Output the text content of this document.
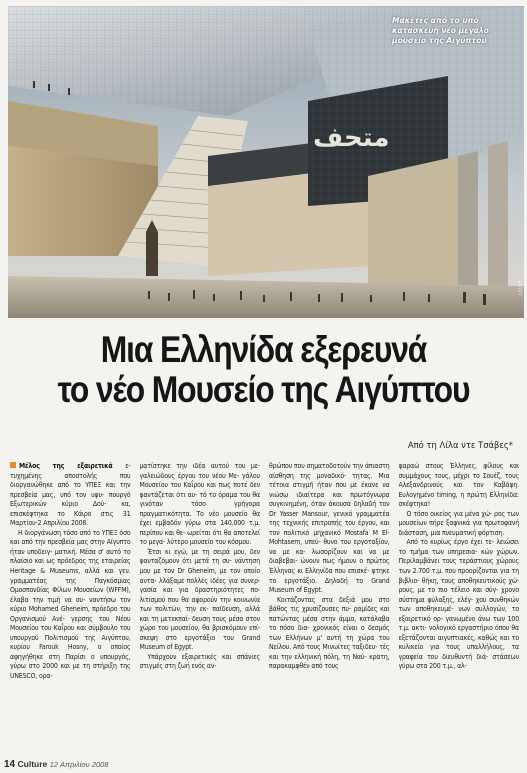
ﻣﺘﺤﻒ
Μακέτες από το υπό κατασκευή νέο μεγάλο μουσείο της Αιγύπτου
EGYPT
Μια Ελληνίδα εξερευνά
το νέο Μουσείο της Αιγύπτου
Από τη Λίλα ντε Τσάβες*

Μέλος της εξαιρετικά ε- τυχημένης αποστολής που διοργανώθηκε από το ΥΠΕΞ και την πρεσβεία μας, υπό τον υφυ- πουργό Εξωτερικών κύριο Δού- κα, επισκέφτηκα το Κάιρο στις 31 Μαρτίου-2 Απριλίου 2008.

Η διοργάνωση τόσο από το ΥΠΕΞ όσο και από την πρεσβεία μας στην Αίγυπτο ήταν υποδειγ- ματική. Μέσα σ' αυτό το πλαίσιο και ως πρόεδρος της εταιρείας Heritage & Museums, αλλά και γεν. γραμματέας της Παγκόσμιας Ομοσπονδίας Φίλων Μουσείων (WFFM), έλαβα την τιμή να συ- ναντήσω τον κύριο Mohamed Gheneim, πρόεδρο του Οργανισμού Ανέ- γερσης του Νέου Μουσείου του Καΐρου και σύμβουλο του υπουργού Πολιτισμού της Αιγύπτου, κυρίου Farouk Hosny, ο οποίος αφηγήθηκε στη Παρίσι ο υπουργός, γύρω στο 2000 και με τη στήριξη της UNESCO, ορα-

ματίστηκε την ιδέα αυτού του με- γαλειώδους έργου του νέου Με- γάλου Μουσείου του Καΐρου και πως ποτέ δεν φαντάζεται ότι αυ- τό το όραμα του θα γινόταν τόσο γρήγορα πραγματικότητα. Το νέο μουσείο θα έχει εμβαδόν γύρω στα 140.000 τ.μ. περίπου και θε- ωρείται ότι θα αποτελεί το μεγα- λύτερο μουσείο του κόσμου.

Έτσι κι εγώ, με τη σειρά μου, δεν φανταζόμουν ότι μετά τη συ- νάντηση μου με τον Dr Gheneim, με τον οποίο αντα- λλάξαμε πολλές ιδέες για συνερ- γασία και για δραστηριότητες πο- λιτισμού που θα αφορούν την κοινωνία των πολιτών, την εκ- παίδευση, αλλά και τη μετεκπαί- δευση τους μέσα στον χώρο του μουσείου, θα βρισκόμουν επί- σκεψη στο εργοτάξιο του Grand Museum of Egypt.

Υπάρχουν εξαιρετικές και σπάνιες στιγμές στη ζωή ενός αν-

θρώπου που σηματοδοτούν την άπιαστη αίσθηση της μοναδικό- τητας. Μια τέτοια στιγμή ήταν που με έκανε να νιώσω ιδιαίτερα και πρωτόγνωρα συγκινημένη, όταν άκουσα δηλαδή τον Dr Yasser Mansour, γενικό γραμματέα της τεχνικής επιτροπής του έργου, και τον πολιτικό μηχανικό Mostafa M El-Mohtasem, υπεύ- θυνο του εργοταξίου, να με κα- λωσορίζουν και να με διαβεβαι- ώνουν πως ήμουν ο πρώτος Έλληνας κι Ελληνίδα που επισκέ- φτηκε το εργοτάξιο. Δηλαδή το Grand Museum of Egypt.

Κοιτάζοντας στα δεξιά μου στο βάθος τις χρυσίζουσες πυ- ραμίδες και πατώντας μέσα στην άμμο, κατάλαβα το πόσο δια- χρονικός είναι ο δεσμός των Ελλήνων μ' αυτή τη χώρα του Νείλου. Από τους Μινωίτες ταξιδευ- τές και την ελληνική πόλη, τη Ναύ- κρατη, παρακαμφθέν από τους

φαραώ στους Έλληνες, φίλους και συμμάχους τους, μέχρι το Σουέζ, τους Αλεξανδρινούς και τον Καβάφη. Ευλογημένο timing, η πρώτη Ελληνίδα: σκέφτηκα!

Ο τόσο οικείος για μένα χώ- ρος των μουσείων πήρε ξαφνικά για πρωτοφανή διάσταση, μια πνευματική φόρτιση.

Από το κυρίως έργο έχει τε- λειώσει το τμήμα των υπηρεσια- κών χώρων. Περιλαμβάνει τους τεράστιους χώρους των 2.700 τ.μ. που προορίζονται για τη βιβλιο- θήκη, τους αποθηκευτικούς χώ- ρους, με το πιο τέλειο και σύγ- χρονο σύστημα φύλαξης, ελέγ- χου συνθηκών των αποθηκευμέ- νων συλλογών, το εξαιρετικό ορ- γανωμένο άνω των 100 τ.μ. ακτι- νολογικό εργαστήριο όπου θα εξετάζονται αιγυπτιακές, καθώς και το κυλικείο για τους υπαλλήλους, τα γραφεία του διευθυντή διά- στάσεων γύρω στα 200 τ.μ., αλ-

14 Culture 12 Απριλίου 2008
